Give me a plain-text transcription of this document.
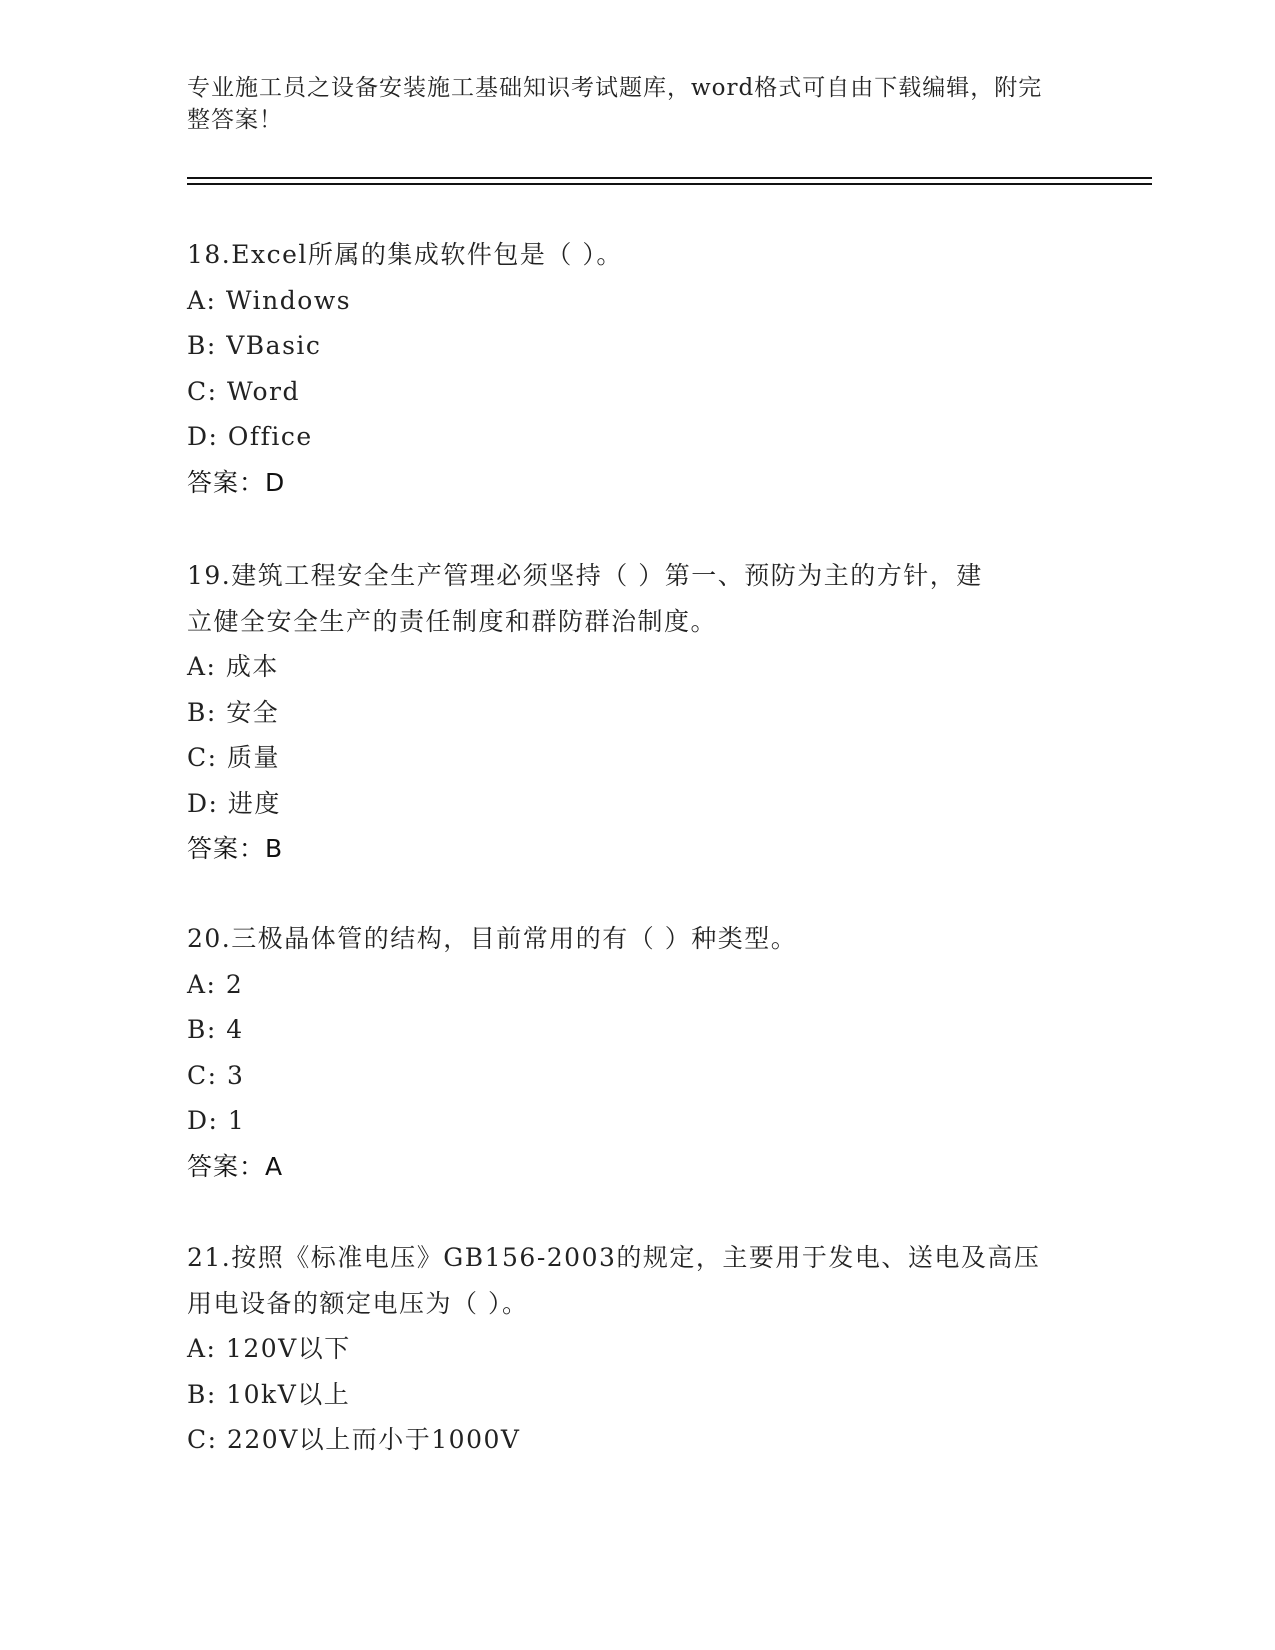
专业施工员之设备安装施工基础知识考试题库，word格式可自由下载编辑，附完
整答案！
18.Excel所属的集成软件包是（ ）。
A: Windows
B: VBasic
C: Word
D: Office
答案：D
19.建筑工程安全生产管理必须坚持（ ）第一、预防为主的方针，建
立健全安全生产的责任制度和群防群治制度。
A: 成本
B: 安全
C: 质量
D: 进度
答案：B
20.三极晶体管的结构，目前常用的有（ ）种类型。
A: 2
B: 4
C: 3
D: 1
答案：A
21.按照《标准电压》GB156-2003的规定，主要用于发电、送电及高压
用电设备的额定电压为（ ）。
A: 120V以下
B: 10kV以上
C: 220V以上而小于1000V
